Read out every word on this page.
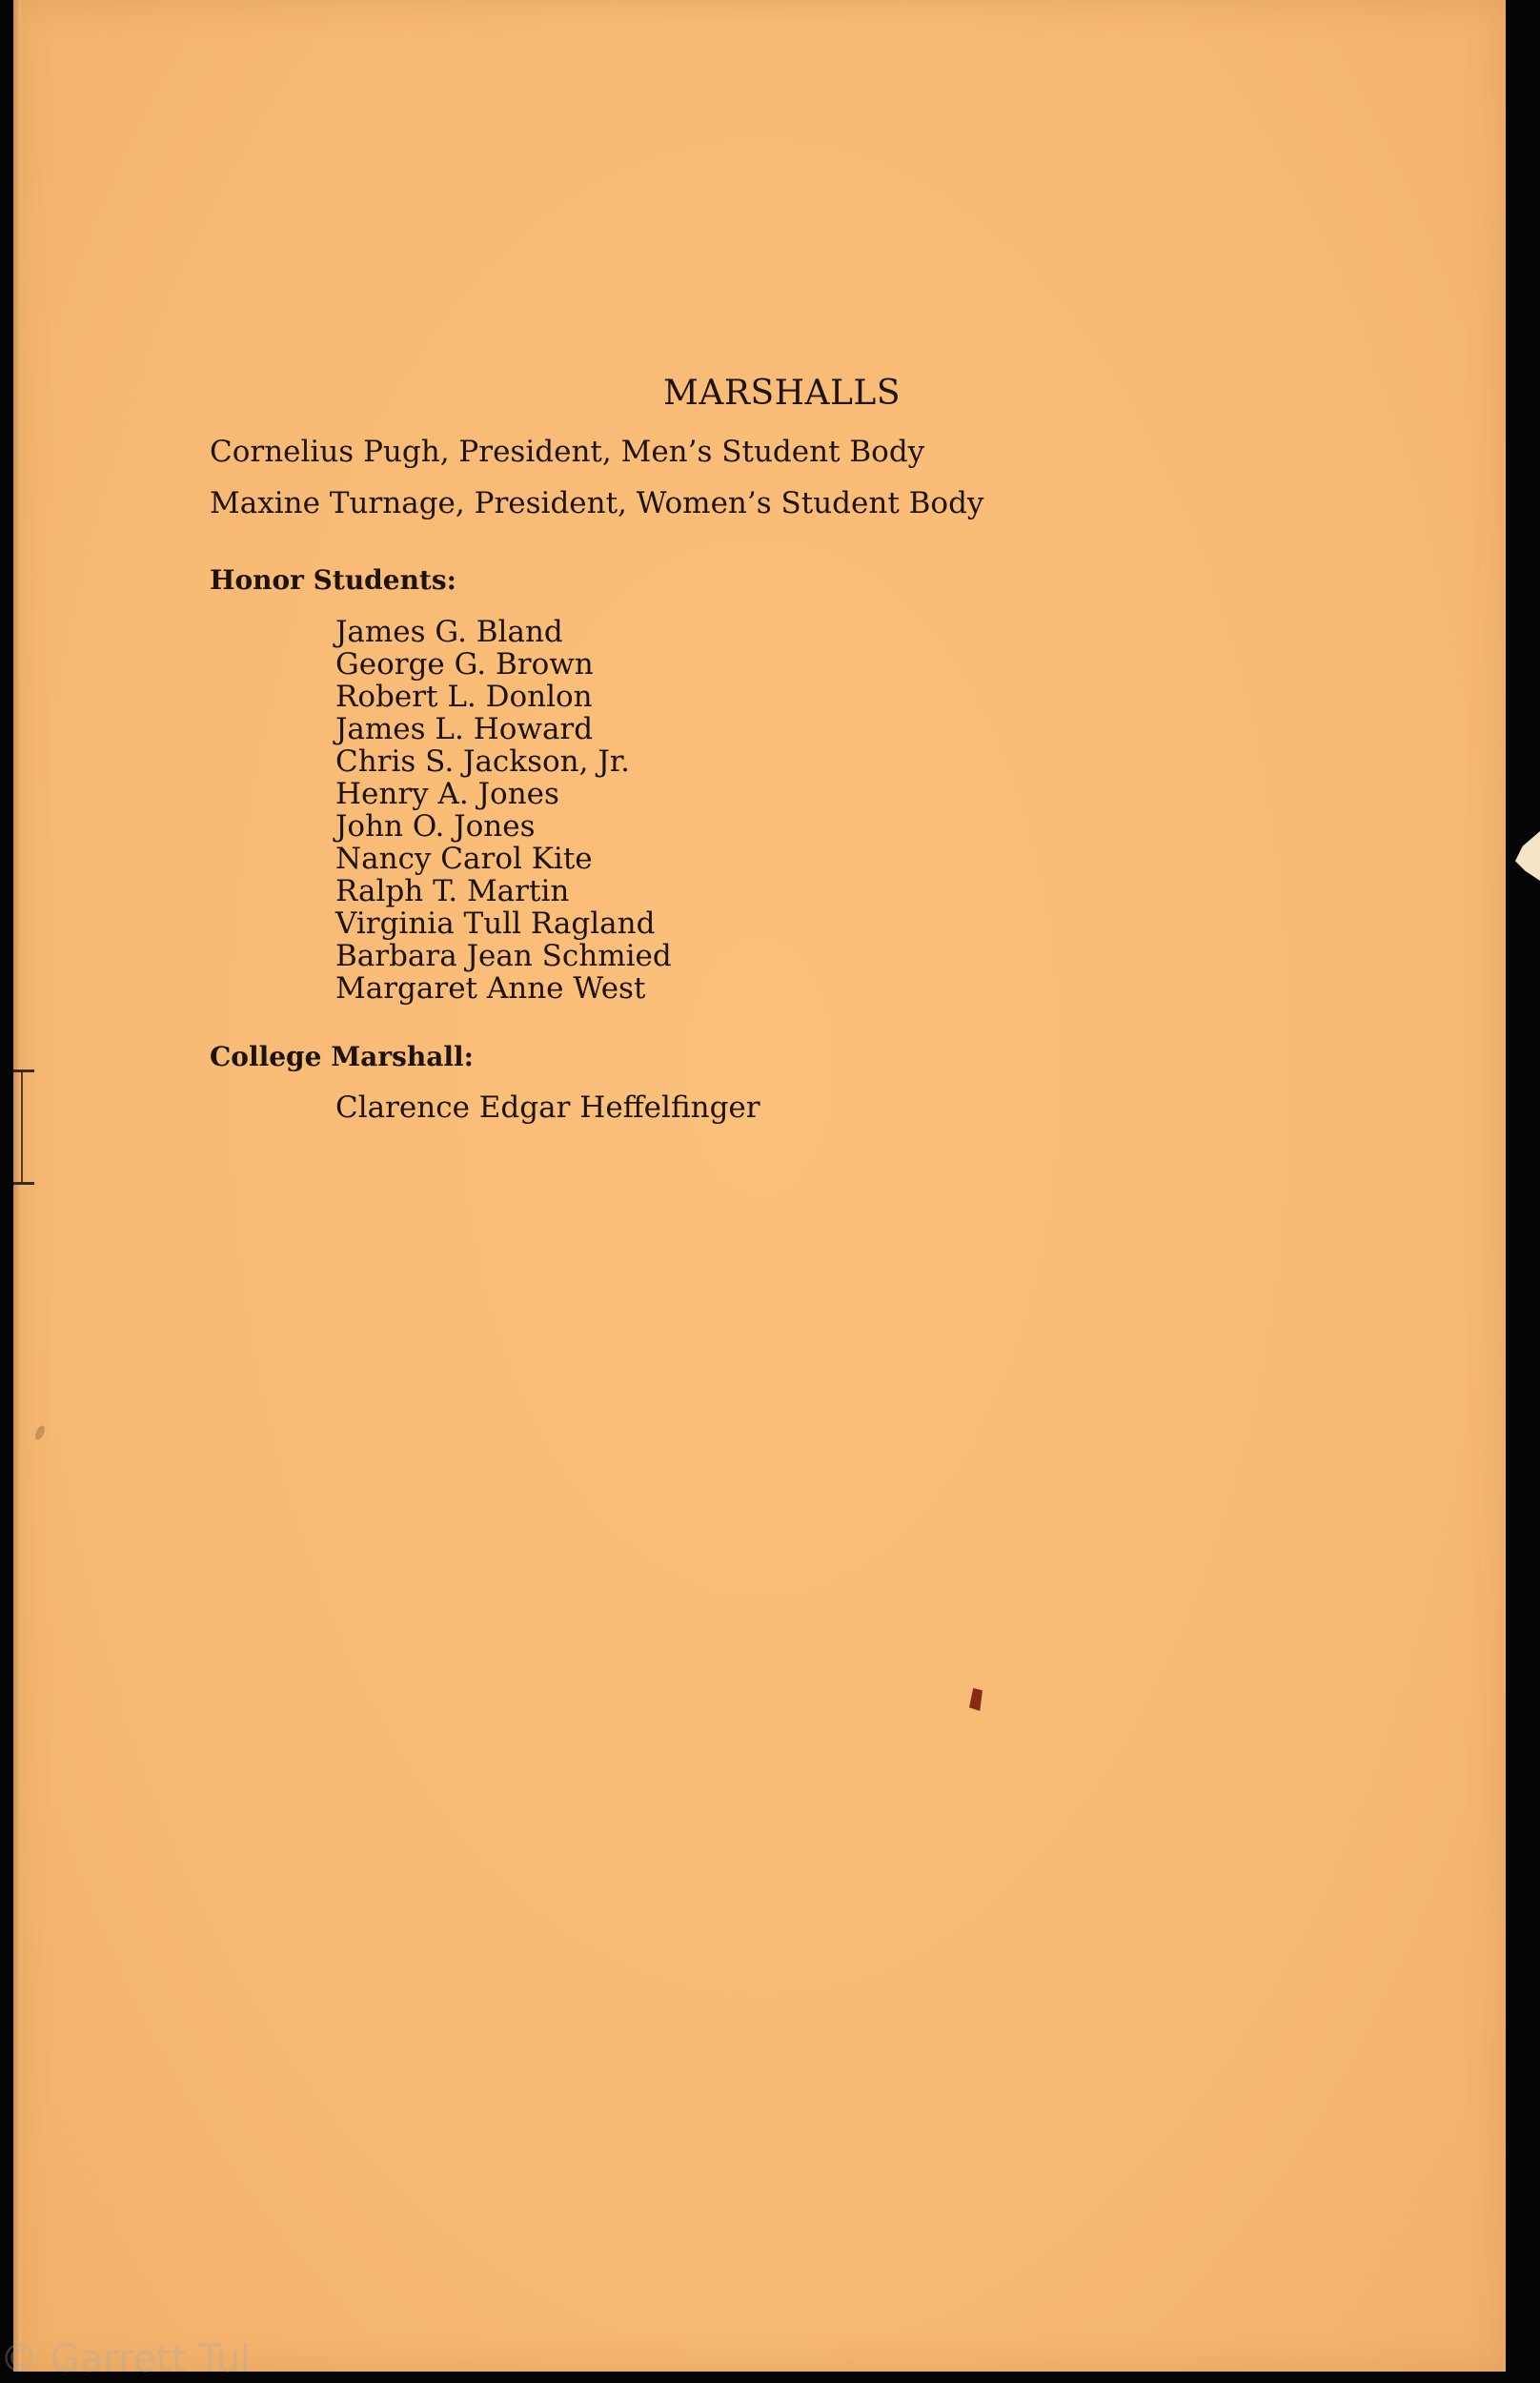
MARSHALLS
Cornelius Pugh, President, Men’s Student Body
Maxine Turnage, President, Women’s Student Body
Honor Students:
James G. Bland
George G. Brown
Robert L. Donlon
James L. Howard
Chris S. Jackson, Jr.
Henry A. Jones
John O. Jones
Nancy Carol Kite
Ralph T. Martin
Virginia Tull Ragland
Barbara Jean Schmied
Margaret Anne West
College Marshall:
Clarence Edgar Heffelfinger
© Garrett Tul
